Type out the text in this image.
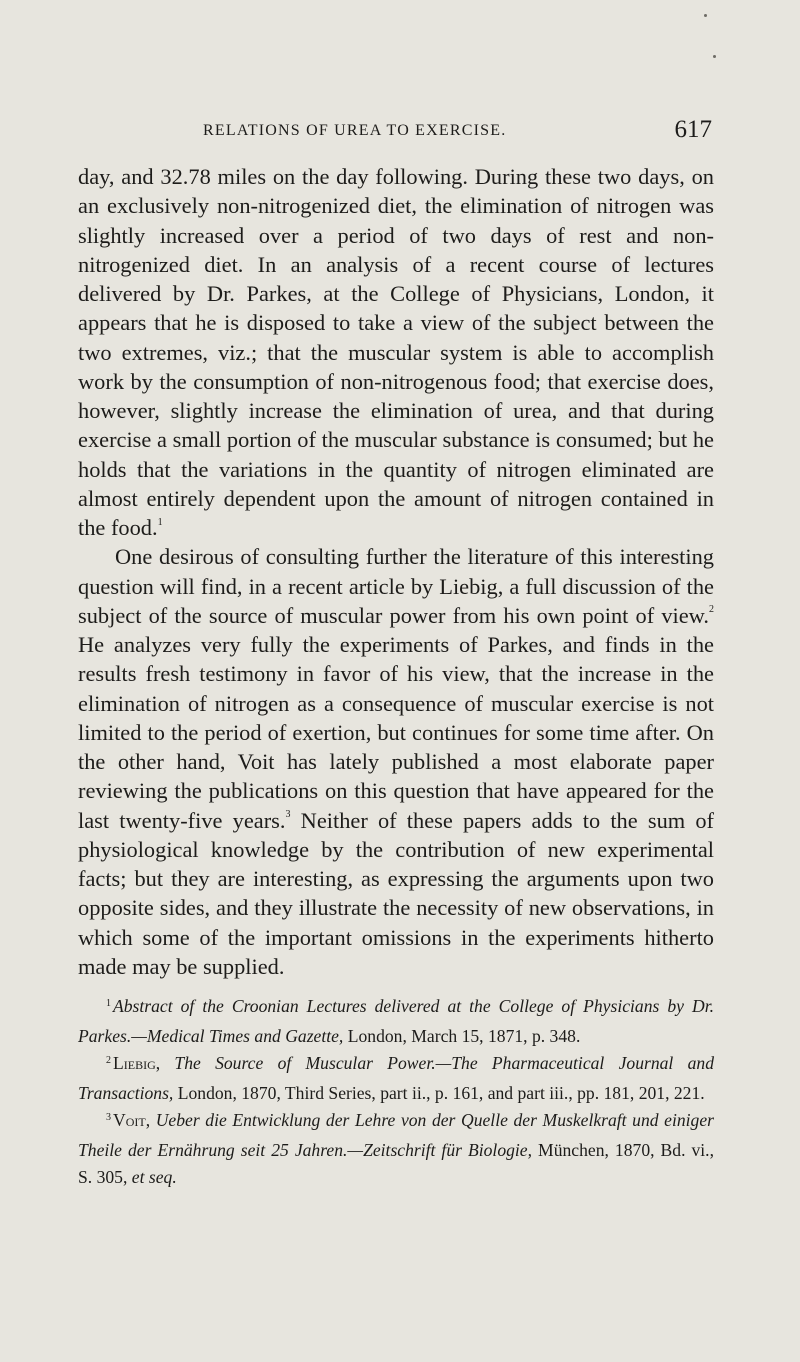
RELATIONS OF UREA TO EXERCISE.	617

day, and 32.78 miles on the day following. During these two days, on an exclusively non-nitrogenized diet, the elimination of nitrogen was slightly increased over a period of two days of rest and non-nitrogenized diet. In an analysis of a recent course of lectures delivered by Dr. Parkes, at the College of Physicians, London, it appears that he is disposed to take a view of the subject between the two extremes, viz.; that the muscular system is able to accomplish work by the consumption of non-nitrogenous food; that exercise does, however, slightly increase the elimination of urea, and that during exercise a small portion of the muscular substance is consumed; but he holds that the variations in the quantity of nitrogen eliminated are almost entirely dependent upon the amount of nitrogen contained in the food.$^1$

One desirous of consulting further the literature of this interesting question will find, in a recent article by Liebig, a full discussion of the subject of the source of muscular power from his own point of view.$^2$ He analyzes very fully the experiments of Parkes, and finds in the results fresh testimony in favor of his view, that the increase in the elimination of nitrogen as a consequence of muscular exercise is not limited to the period of exertion, but continues for some time after. On the other hand, Voit has lately published a most elaborate paper reviewing the publications on this question that have appeared for the last twenty-five years.$^3$ Neither of these papers adds to the sum of physiological knowledge by the contribution of new experimental facts; but they are interesting, as expressing the arguments upon two opposite sides, and they illustrate the necessity of new observations, in which some of the important omissions in the experiments hitherto made may be supplied.

$^1$ Abstract of the Croonian Lectures delivered at the College of Physicians by Dr. Parkes.—Medical Times and Gazette, London, March 15, 1871, p. 348.

$^2$ Liebig, The Source of Muscular Power.—The Pharmaceutical Journal and Transactions, London, 1870, Third Series, part ii., p. 161, and part iii., pp. 181, 201, 221.

$^3$ Voit, Ueber die Entwicklung der Lehre von der Quelle der Muskelkraft und einiger Theile der Ernährung seit 25 Jahren.—Zeitschrift für Biologie, München, 1870, Bd. vi., S. 305, et seq.
